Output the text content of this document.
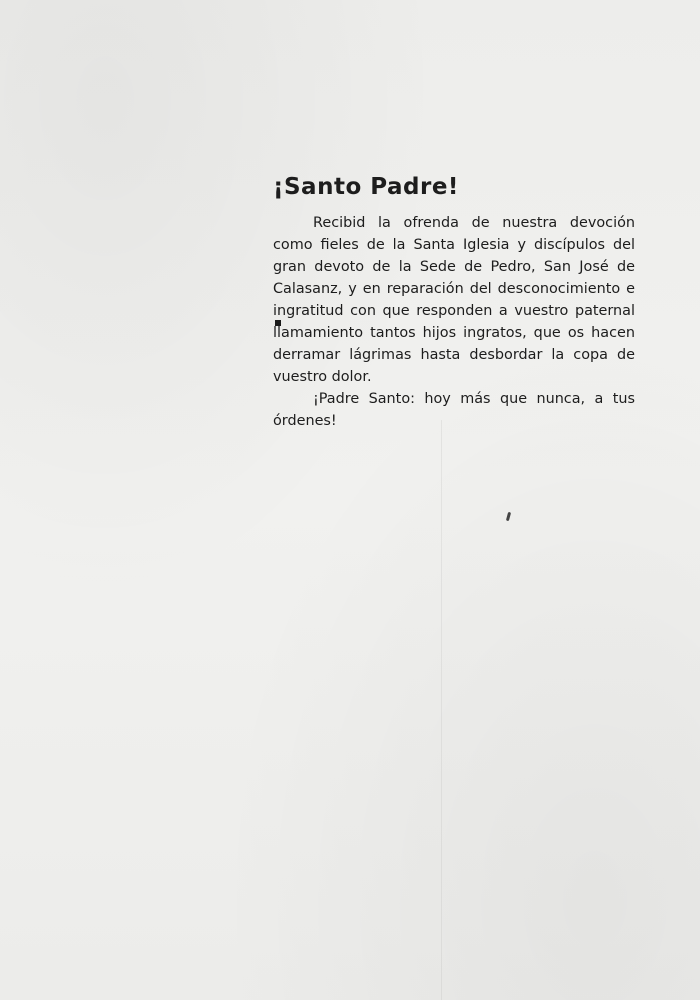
¡Santo Padre!

Recibid la ofrenda de nuestra devoción como fieles de la Santa Iglesia y discípulos del gran devoto de la Sede de Pedro, San José de Calasanz, y en reparación del desconocimiento e ingratitud con que responden a vuestro paternal llamamiento tantos hijos ingratos, que os hacen derramar lágrimas hasta desbordar la copa de vuestro dolor.

¡Padre Santo: hoy más que nunca, a tus órdenes!
